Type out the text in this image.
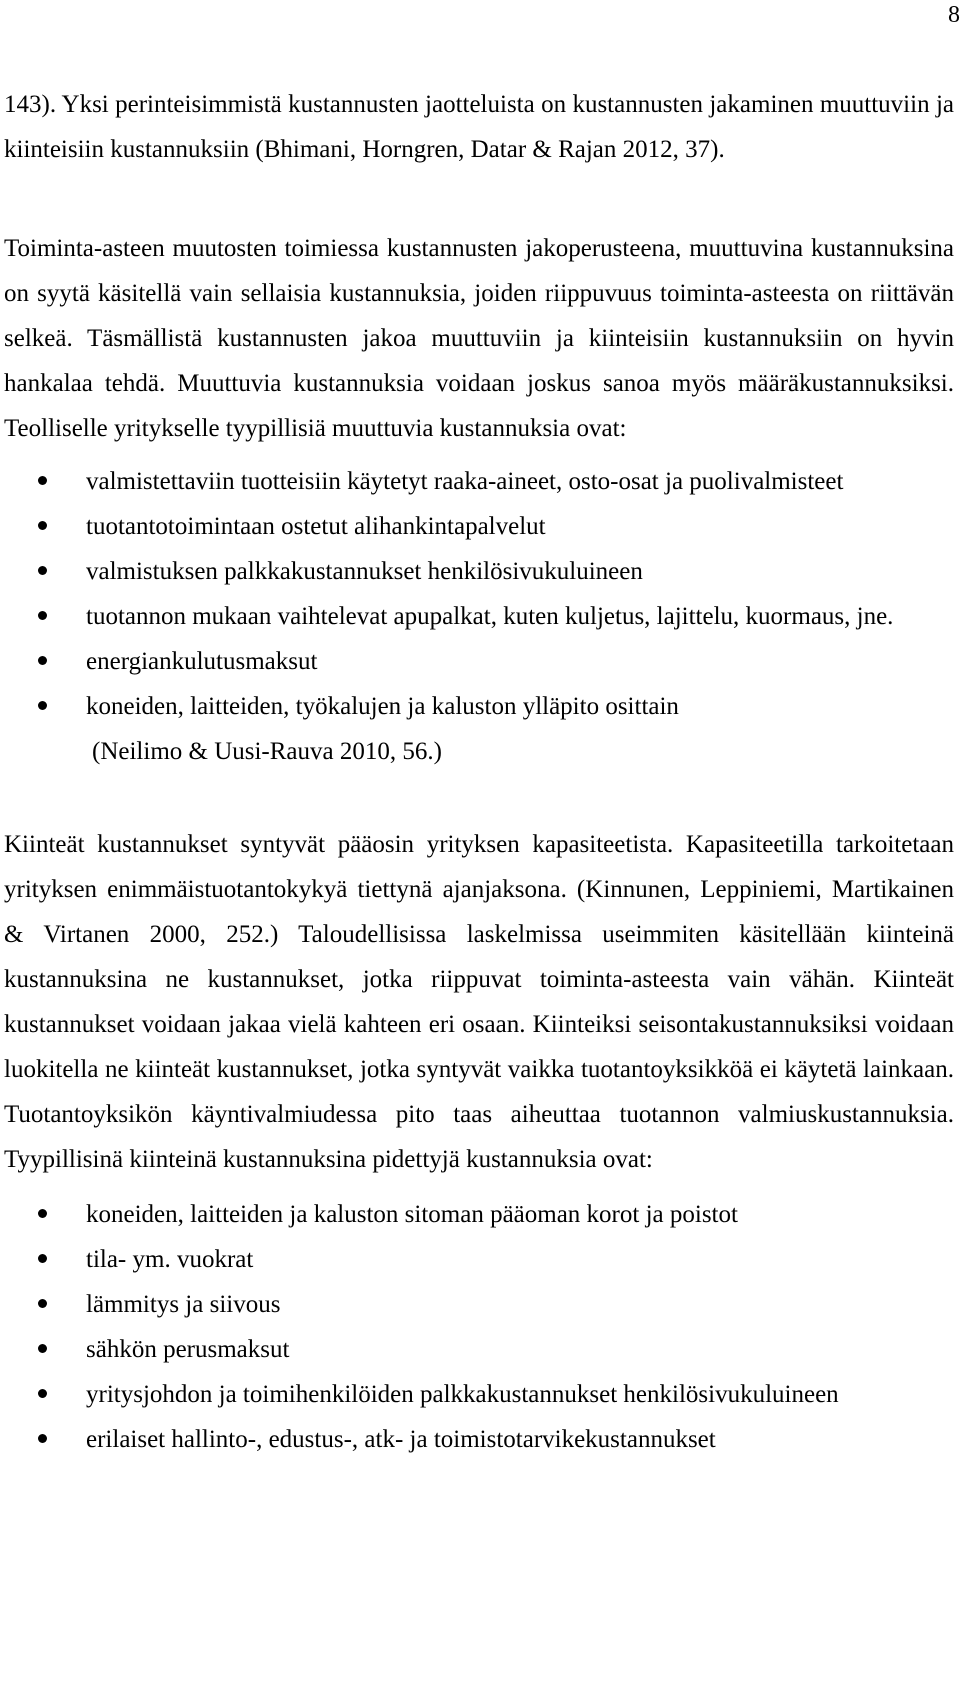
8

143). Yksi perinteisimmistä kustannusten jaotteluista on kustannusten jakaminen muuttuviin ja kiinteisiin kustannuksiin (Bhimani, Horngren, Datar & Rajan 2012, 37).

Toiminta-asteen muutosten toimiessa kustannusten jakoperusteena, muuttuvina kustannuksina on syytä käsitellä vain sellaisia kustannuksia, joiden riippuvuus toiminta-asteesta on riittävän selkeä. Täsmällistä kustannusten jakoa muuttuviin ja kiinteisiin kustannuksiin on hyvin hankalaa tehdä. Muuttuvia kustannuksia voidaan joskus sanoa myös määräkustannuksiksi. Teolliselle yritykselle tyypillisiä muuttuvia kustannuksia ovat:

valmistettaviin tuotteisiin käytetyt raaka-aineet, osto-osat ja puolivalmisteet
tuotantotoimintaan ostetut alihankintapalvelut
valmistuksen palkkakustannukset henkilösivukuluineen
tuotannon mukaan vaihtelevat apupalkat, kuten kuljetus, lajittelu, kuormaus, jne.
energiankulutusmaksut
koneiden, laitteiden, työkalujen ja kaluston ylläpito osittain
(Neilimo & Uusi-Rauva 2010, 56.)

Kiinteät kustannukset syntyvät pääosin yrityksen kapasiteetista. Kapasiteetilla tarkoitetaan yrityksen enimmäistuotantokykyä tiettynä ajanjaksona. (Kinnunen, Leppiniemi, Martikainen & Virtanen 2000, 252.) Taloudellisissa laskelmissa useimmiten käsitellään kiinteinä kustannuksina ne kustannukset, jotka riippuvat toiminta-asteesta vain vähän. Kiinteät kustannukset voidaan jakaa vielä kahteen eri osaan. Kiinteiksi seisontakustannuksiksi voidaan luokitella ne kiinteät kustannukset, jotka syntyvät vaikka tuotantoyksikköä ei käytetä lainkaan. Tuotantoyksikön käyntivalmiudessa pito taas aiheuttaa tuotannon valmiuskustannuksia. Tyypillisinä kiinteinä kustannuksina pidettyjä kustannuksia ovat:

koneiden, laitteiden ja kaluston sitoman pääoman korot ja poistot
tila- ym. vuokrat
lämmitys ja siivous
sähkön perusmaksut
yritysjohdon ja toimihenkilöiden palkkakustannukset henkilösivukuluineen
erilaiset hallinto-, edustus-, atk- ja toimistotarvikekustannukset
